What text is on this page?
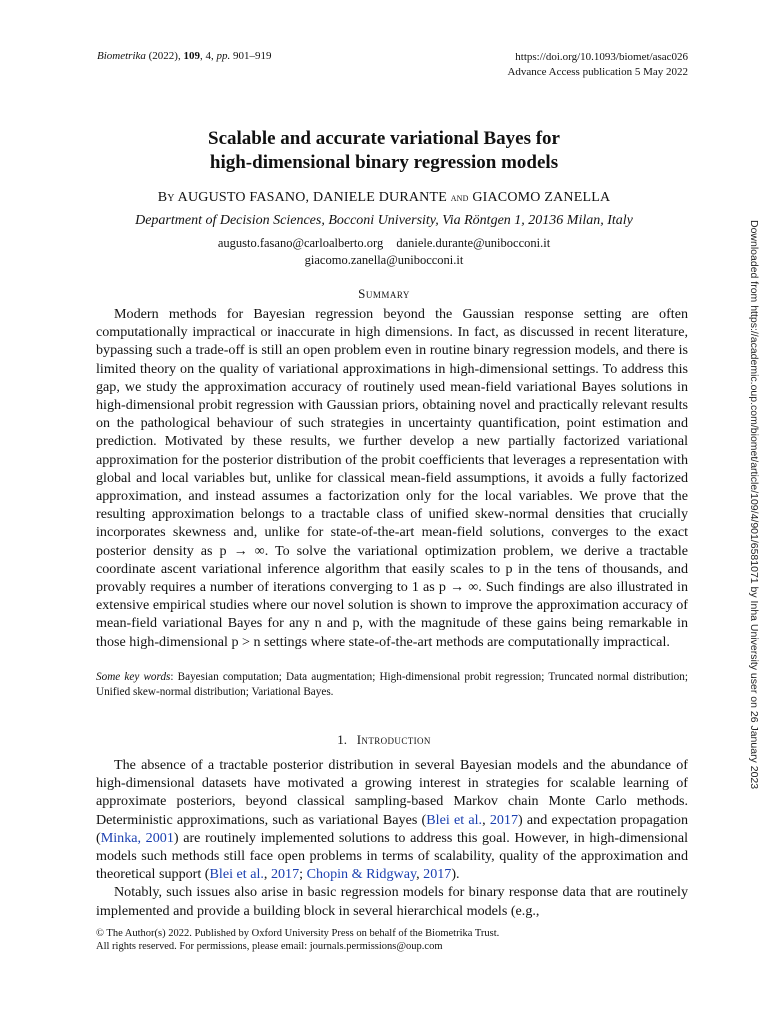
Biometrika (2022), 109, 4, pp. 901–919	https://doi.org/10.1093/biomet/asac026
Advance Access publication 5 May 2022
Scalable and accurate variational Bayes for
high-dimensional binary regression models
By AUGUSTO FASANO, DANIELE DURANTE and GIACOMO ZANELLA
Department of Decision Sciences, Bocconi University, Via Röntgen 1, 20136 Milan, Italy
augusto.fasano@carloalberto.org daniele.durante@unibocconi.it
giacomo.zanella@unibocconi.it
Summary

Modern methods for Bayesian regression beyond the Gaussian response setting are often computationally impractical or inaccurate in high dimensions. In fact, as discussed in recent literature, bypassing such a trade-off is still an open problem even in routine binary regression models, and there is limited theory on the quality of variational approximations in high-dimensional settings. To address this gap, we study the approximation accuracy of routinely used mean-field variational Bayes solutions in high-dimensional probit regression with Gaussian priors, obtaining novel and practically relevant results on the pathological behaviour of such strategies in uncertainty quantification, point estimation and prediction. Motivated by these results, we further develop a new partially factorized variational approximation for the posterior distribution of the probit coefficients that leverages a representation with global and local variables but, unlike for classical mean-field assumptions, it avoids a fully factorized approximation, and instead assumes a factorization only for the local variables. We prove that the resulting approximation belongs to a tractable class of unified skew-normal densities that crucially incorporates skewness and, unlike for state-of-the-art mean-field solutions, converges to the exact posterior density as p → ∞. To solve the variational optimization problem, we derive a tractable coordinate ascent variational inference algorithm that easily scales to p in the tens of thousands, and provably requires a number of iterations converging to 1 as p → ∞. Such findings are also illustrated in extensive empirical studies where our novel solution is shown to improve the approximation accuracy of mean-field variational Bayes for any n and p, with the magnitude of these gains being remarkable in those high-dimensional p > n settings where state-of-the-art methods are computationally impractical.

Some key words: Bayesian computation; Data augmentation; High-dimensional probit regression; Truncated normal distribution; Unified skew-normal distribution; Variational Bayes.

1. Introduction

The absence of a tractable posterior distribution in several Bayesian models and the abundance of high-dimensional datasets have motivated a growing interest in strategies for scalable learning of approximate posteriors, beyond classical sampling-based Markov chain Monte Carlo methods. Deterministic approximations, such as variational Bayes (Blei et al., 2017) and expectation propagation (Minka, 2001) are routinely implemented solutions to address this goal. However, in high-dimensional models such methods still face open problems in terms of scalability, quality of the approximation and theoretical support (Blei et al., 2017; Chopin & Ridgway, 2017).

Notably, such issues also arise in basic regression models for binary response data that are routinely implemented and provide a building block in several hierarchical models (e.g.,

© The Author(s) 2022. Published by Oxford University Press on behalf of the Biometrika Trust.
All rights reserved. For permissions, please email: journals.permissions@oup.com
Downloaded from https://academic.oup.com/biomet/article/109/4/901/6581071 by Inha University user on 26 January 2023
